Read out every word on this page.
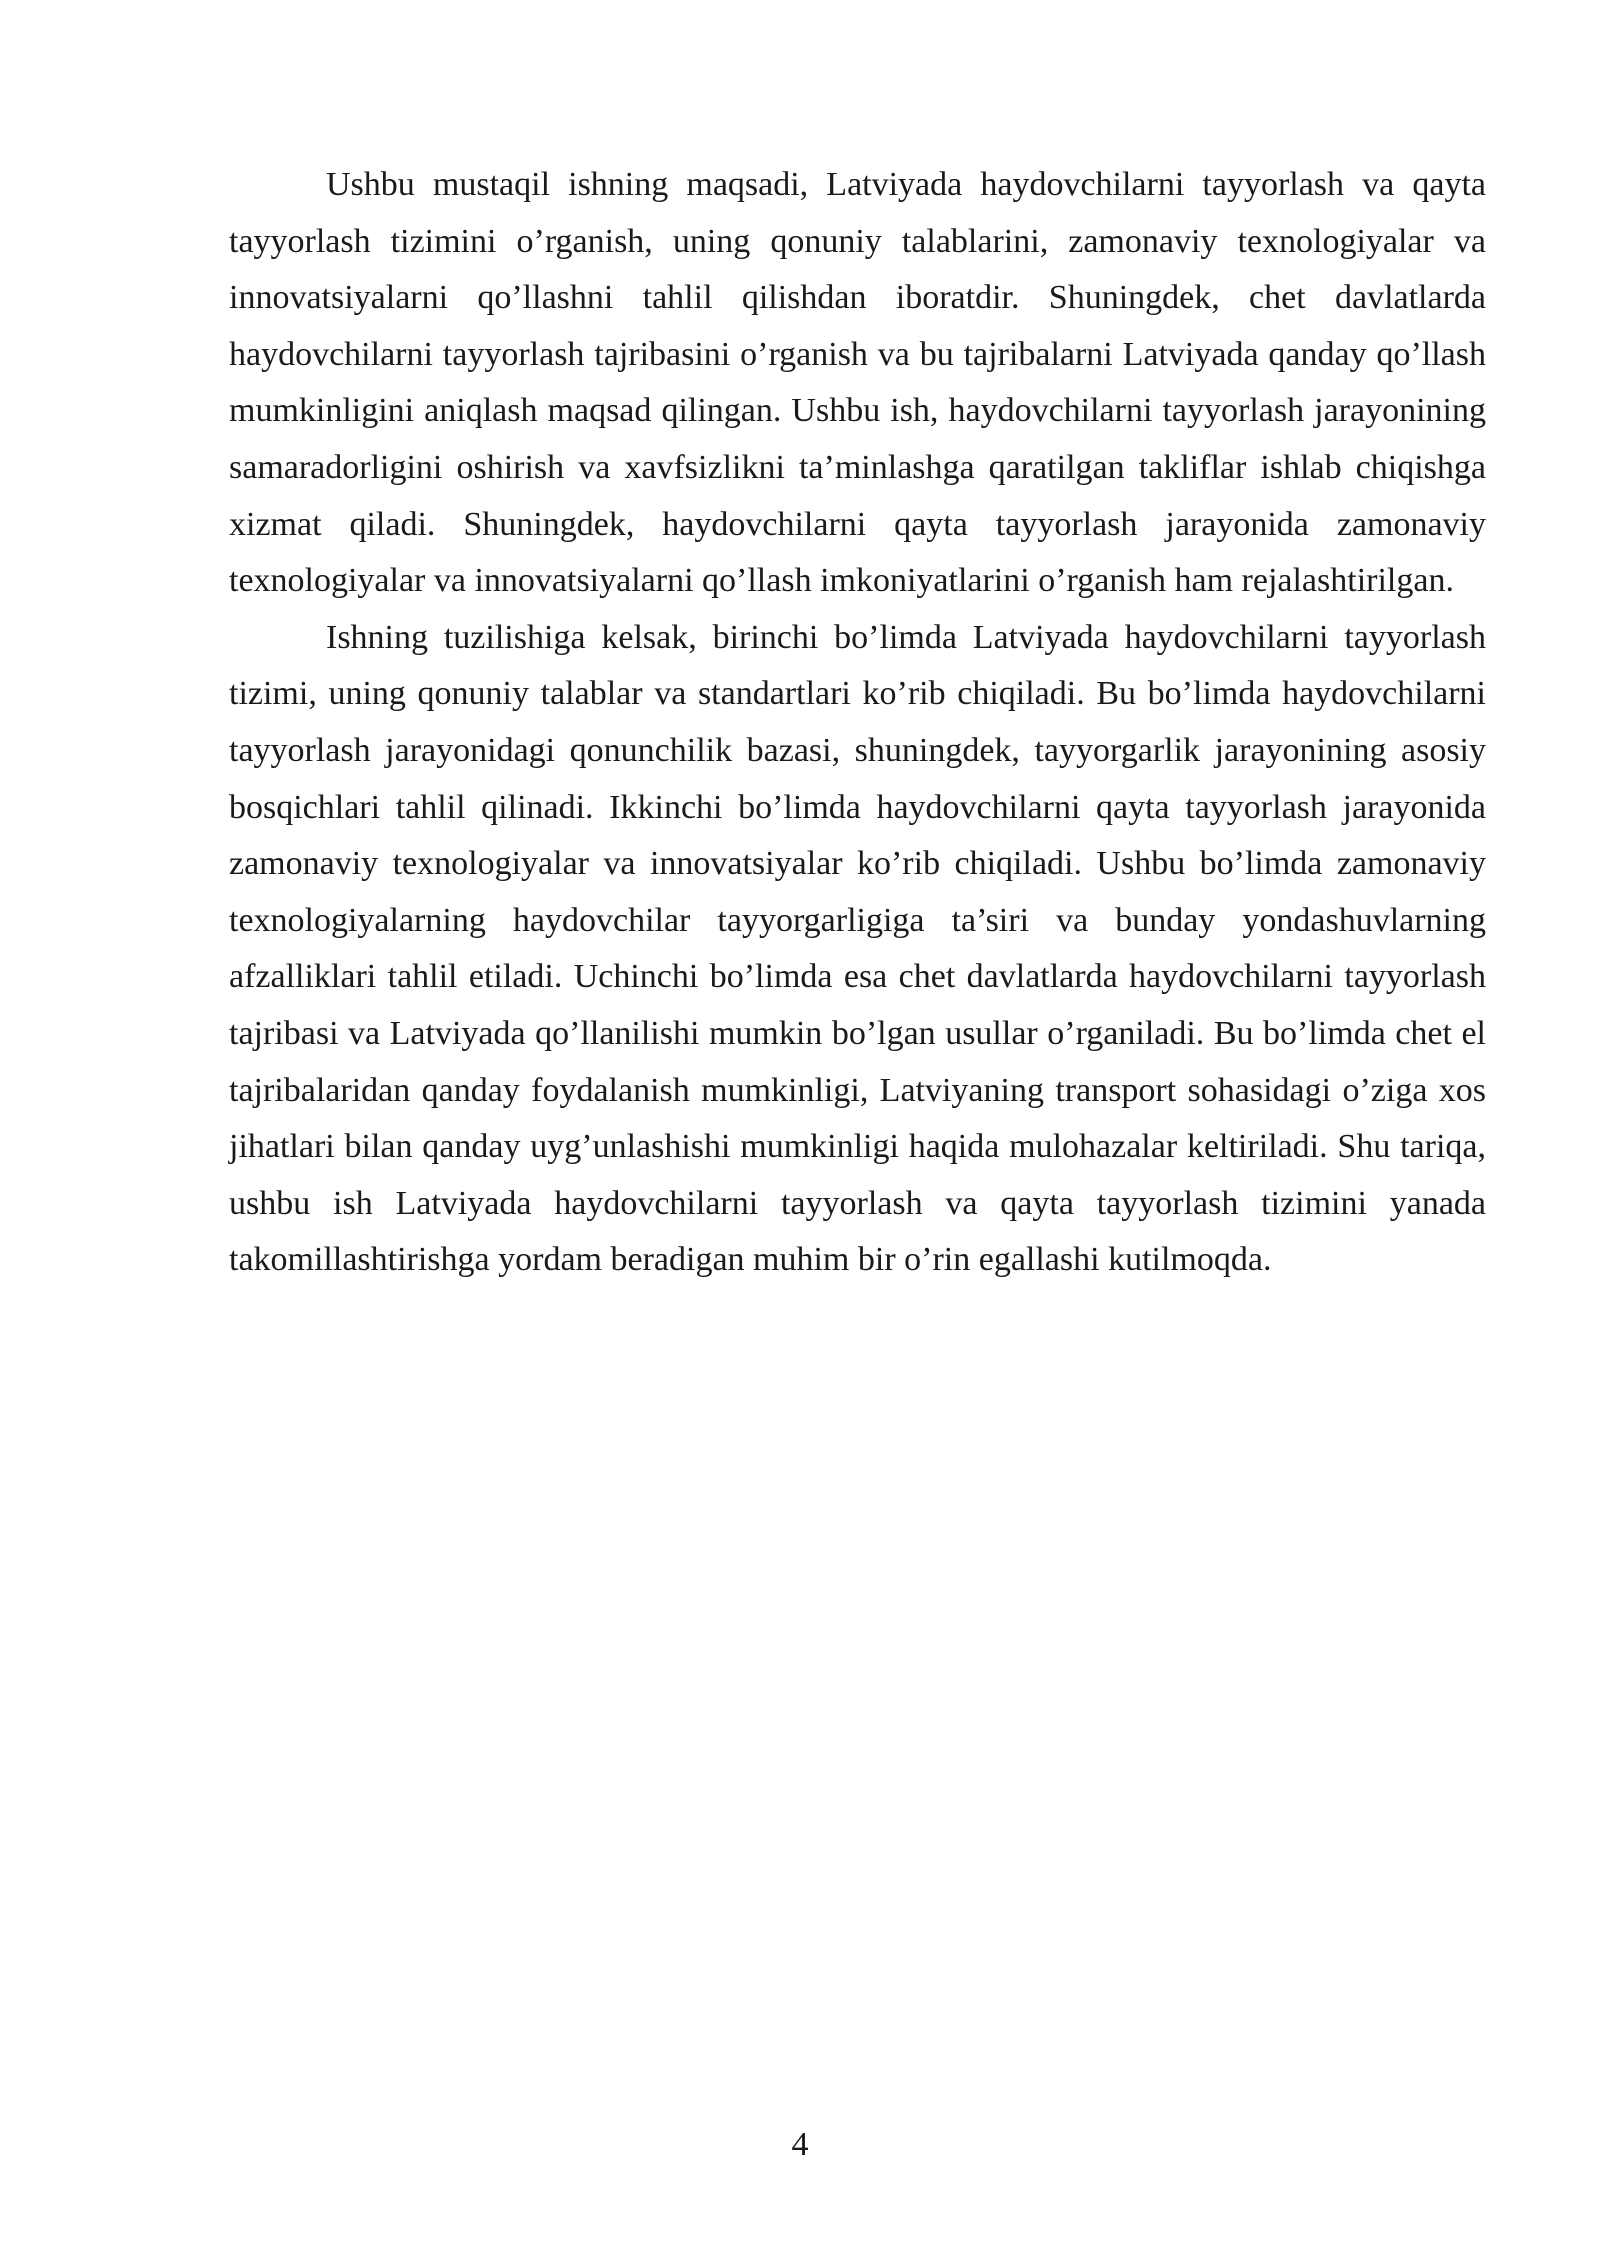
Ushbu mustaqil ishning maqsadi, Latviyada haydovchilarni tayyorlash va qayta tayyorlash tizimini o’rganish, uning qonuniy talablarini, zamonaviy texnologiyalar va innovatsiyalarni qo’llashni tahlil qilishdan iboratdir. Shuningdek, chet davlatlarda haydovchilarni tayyorlash tajribasini o’rganish va bu tajribalarni Latviyada qanday qo’llash mumkinligini aniqlash maqsad qilingan. Ushbu ish, haydovchilarni tayyorlash jarayonining samaradorligini oshirish va xavfsizlikni ta’minlashga qaratilgan takliflar ishlab chiqishga xizmat qiladi. Shuningdek, haydovchilarni qayta tayyorlash jarayonida zamonaviy texnologiyalar va innovatsiyalarni qo’llash imkoniyatlarini o’rganish ham rejalashtirilgan.

Ishning tuzilishiga kelsak, birinchi bo’limda Latviyada haydovchilarni tayyorlash tizimi, uning qonuniy talablar va standartlari ko’rib chiqiladi. Bu bo’limda haydovchilarni tayyorlash jarayonidagi qonunchilik bazasi, shuningdek, tayyorgarlik jarayonining asosiy bosqichlari tahlil qilinadi. Ikkinchi bo’limda haydovchilarni qayta tayyorlash jarayonida zamonaviy texnologiyalar va innovatsiyalar ko’rib chiqiladi. Ushbu bo’limda zamonaviy texnologiyalarning haydovchilar tayyorgarligiga ta’siri va bunday yondashuvlarning afzalliklari tahlil etiladi. Uchinchi bo’limda esa chet davlatlarda haydovchilarni tayyorlash tajribasi va Latviyada qo’llanilishi mumkin bo’lgan usullar o’rganiladi. Bu bo’limda chet el tajribalaridan qanday foydalanish mumkinligi, Latviyaning transport sohasidagi o’ziga xos jihatlari bilan qanday uyg’unlashishi mumkinligi haqida mulohazalar keltiriladi. Shu tariqa, ushbu ish Latviyada haydovchilarni tayyorlash va qayta tayyorlash tizimini yanada takomillashtirishga yordam beradigan muhim bir o’rin egallashi kutilmoqda.

4
